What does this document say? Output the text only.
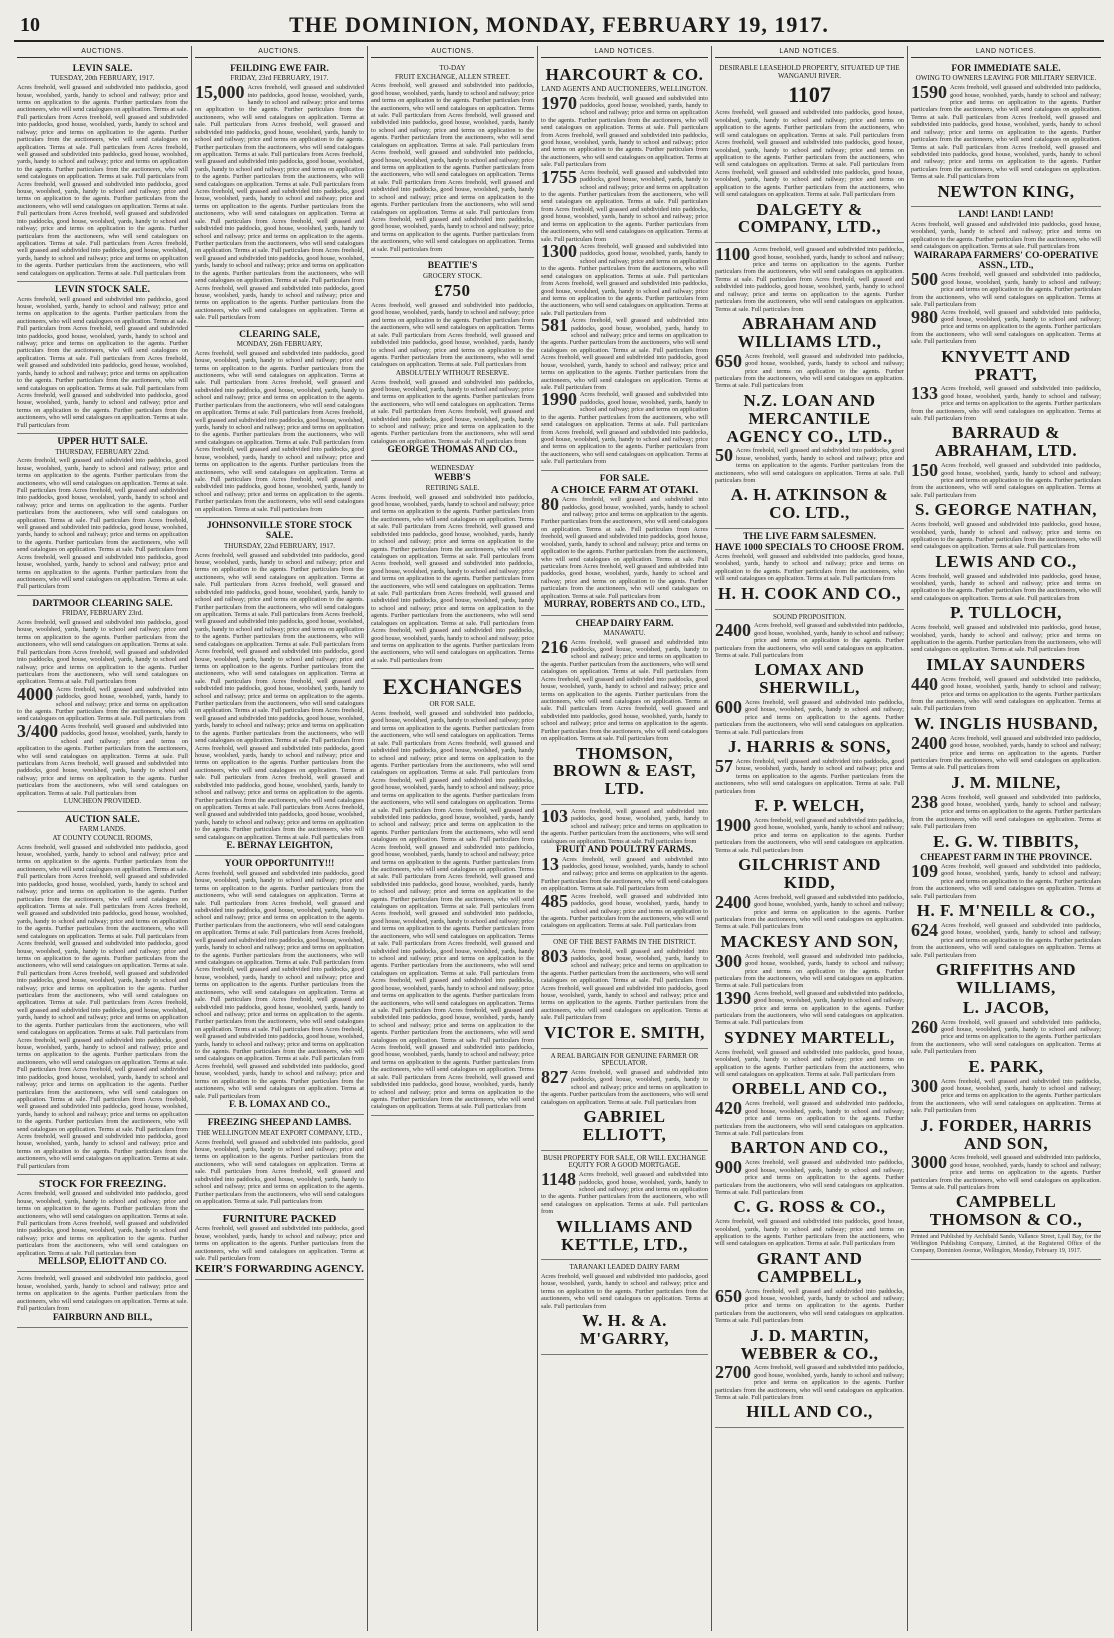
10	THE DOMINION, MONDAY, FEBRUARY 19, 1917.
AUCTIONS.
LEVIN SALE.
TUESDAY, 20th FEBRUARY, 1917.
Acres freehold, well grassed and subdivided into paddocks, good house, woolshed, yards, handy to school and railway; price and terms on application to the agents. Further particulars from the auctioneers, who will send catalogues on application. Terms at sale. Full particulars from Acres freehold, well grassed and subdivided into paddocks, good house, woolshed, yards, handy to school and railway; price and terms on application to the agents. Further particulars from the auctioneers, who will send catalogues on application. Terms at sale. Full particulars from Acres freehold, well grassed and subdivided into paddocks, good house, woolshed, yards, handy to school and railway; price and terms on application to the agents. Further particulars from the auctioneers, who will send catalogues on application. Terms at sale. Full particulars from Acres freehold, well grassed and subdivided into paddocks, good house, woolshed, yards, handy to school and railway; price and terms on application to the agents. Further particulars from the auctioneers, who will send catalogues on application. Terms at sale. Full particulars from Acres freehold, well grassed and subdivided into paddocks, good house, woolshed, yards, handy to school and railway; price and terms on application to the agents. Further particulars from the auctioneers, who will send catalogues on application. Terms at sale. Full particulars from Acres freehold, well grassed and subdivided into paddocks, good house, woolshed, yards, handy to school and railway; price and terms on application to the agents. Further particulars from the auctioneers, who will send catalogues on application. Terms at sale. Full particulars from
LEVIN STOCK SALE.
Acres freehold, well grassed and subdivided into paddocks, good house, woolshed, yards, handy to school and railway; price and terms on application to the agents. Further particulars from the auctioneers, who will send catalogues on application. Terms at sale. Full particulars from Acres freehold, well grassed and subdivided into paddocks, good house, woolshed, yards, handy to school and railway; price and terms on application to the agents. Further particulars from the auctioneers, who will send catalogues on application. Terms at sale. Full particulars from Acres freehold, well grassed and subdivided into paddocks, good house, woolshed, yards, handy to school and railway; price and terms on application to the agents. Further particulars from the auctioneers, who will send catalogues on application. Terms at sale. Full particulars from Acres freehold, well grassed and subdivided into paddocks, good house, woolshed, yards, handy to school and railway; price and terms on application to the agents. Further particulars from the auctioneers, who will send catalogues on application. Terms at sale. Full particulars from
UPPER HUTT SALE.
THURSDAY, FEBRUARY 22nd.
Acres freehold, well grassed and subdivided into paddocks, good house, woolshed, yards, handy to school and railway; price and terms on application to the agents. Further particulars from the auctioneers, who will send catalogues on application. Terms at sale. Full particulars from Acres freehold, well grassed and subdivided into paddocks, good house, woolshed, yards, handy to school and railway; price and terms on application to the agents. Further particulars from the auctioneers, who will send catalogues on application. Terms at sale. Full particulars from Acres freehold, well grassed and subdivided into paddocks, good house, woolshed, yards, handy to school and railway; price and terms on application to the agents. Further particulars from the auctioneers, who will send catalogues on application. Terms at sale. Full particulars from Acres freehold, well grassed and subdivided into paddocks, good house, woolshed, yards, handy to school and railway; price and terms on application to the agents. Further particulars from the auctioneers, who will send catalogues on application. Terms at sale. Full particulars from
DARTMOOR CLEARING SALE.
FRIDAY, FEBRUARY 23rd.
Acres freehold, well grassed and subdivided into paddocks, good house, woolshed, yards, handy to school and railway; price and terms on application to the agents. Further particulars from the auctioneers, who will send catalogues on application. Terms at sale. Full particulars from Acres freehold, well grassed and subdivided into paddocks, good house, woolshed, yards, handy to school and railway; price and terms on application to the agents. Further particulars from the auctioneers, who will send catalogues on application. Terms at sale. Full particulars from
4000 Acres freehold, well grassed and subdivided into paddocks, good house, woolshed, yards, handy to school and railway; price and terms on application to the agents. Further particulars from the auctioneers, who will send catalogues on application. Terms at sale. Full particulars from
3/400 Acres freehold, well grassed and subdivided into paddocks, good house, woolshed, yards, handy to school and railway; price and terms on application to the agents. Further particulars from the auctioneers, who will send catalogues on application. Terms at sale. Full particulars from Acres freehold, well grassed and subdivided into paddocks, good house, woolshed, yards, handy to school and railway; price and terms on application to the agents. Further particulars from the auctioneers, who will send catalogues on application. Terms at sale. Full particulars from
LUNCHEON PROVIDED.
AUCTION SALE.
FARM LANDS.
AT COUNTY COUNCIL ROOMS,
Acres freehold, well grassed and subdivided into paddocks, good house, woolshed, yards, handy to school and railway; price and terms on application to the agents. Further particulars from the auctioneers, who will send catalogues on application. Terms at sale. Full particulars from Acres freehold, well grassed and subdivided into paddocks, good house, woolshed, yards, handy to school and railway; price and terms on application to the agents. Further particulars from the auctioneers, who will send catalogues on application. Terms at sale. Full particulars from Acres freehold, well grassed and subdivided into paddocks, good house, woolshed, yards, handy to school and railway; price and terms on application to the agents. Further particulars from the auctioneers, who will send catalogues on application. Terms at sale. Full particulars from Acres freehold, well grassed and subdivided into paddocks, good house, woolshed, yards, handy to school and railway; price and terms on application to the agents. Further particulars from the auctioneers, who will send catalogues on application. Terms at sale. Full particulars from Acres freehold, well grassed and subdivided into paddocks, good house, woolshed, yards, handy to school and railway; price and terms on application to the agents. Further particulars from the auctioneers, who will send catalogues on application. Terms at sale. Full particulars from Acres freehold, well grassed and subdivided into paddocks, good house, woolshed, yards, handy to school and railway; price and terms on application to the agents. Further particulars from the auctioneers, who will send catalogues on application. Terms at sale. Full particulars from Acres freehold, well grassed and subdivided into paddocks, good house, woolshed, yards, handy to school and railway; price and terms on application to the agents. Further particulars from the auctioneers, who will send catalogues on application. Terms at sale. Full particulars from Acres freehold, well grassed and subdivided into paddocks, good house, woolshed, yards, handy to school and railway; price and terms on application to the agents. Further particulars from the auctioneers, who will send catalogues on application. Terms at sale. Full particulars from Acres freehold, well grassed and subdivided into paddocks, good house, woolshed, yards, handy to school and railway; price and terms on application to the agents. Further particulars from the auctioneers, who will send catalogues on application. Terms at sale. Full particulars from Acres freehold, well grassed and subdivided into paddocks, good house, woolshed, yards, handy to school and railway; price and terms on application to the agents. Further particulars from the auctioneers, who will send catalogues on application. Terms at sale. Full particulars from
STOCK FOR FREEZING.
Acres freehold, well grassed and subdivided into paddocks, good house, woolshed, yards, handy to school and railway; price and terms on application to the agents. Further particulars from the auctioneers, who will send catalogues on application. Terms at sale. Full particulars from Acres freehold, well grassed and subdivided into paddocks, good house, woolshed, yards, handy to school and railway; price and terms on application to the agents. Further particulars from the auctioneers, who will send catalogues on application. Terms at sale. Full particulars from
MELLSOP, ELIOTT AND CO.
Acres freehold, well grassed and subdivided into paddocks, good house, woolshed, yards, handy to school and railway; price and terms on application to the agents. Further particulars from the auctioneers, who will send catalogues on application. Terms at sale. Full particulars from
FAIRBURN AND BILL,
AUCTIONS.
FEILDING EWE FAIR.
FRIDAY, 23rd FEBRUARY, 1917.
15,000 Acres freehold, well grassed and subdivided into paddocks, good house, woolshed, yards, handy to school and railway; price and terms on application to the agents. Further particulars from the auctioneers, who will send catalogues on application. Terms at sale. Full particulars from Acres freehold, well grassed and subdivided into paddocks, good house, woolshed, yards, handy to school and railway; price and terms on application to the agents. Further particulars from the auctioneers, who will send catalogues on application. Terms at sale. Full particulars from Acres freehold, well grassed and subdivided into paddocks, good house, woolshed, yards, handy to school and railway; price and terms on application to the agents. Further particulars from the auctioneers, who will send catalogues on application. Terms at sale. Full particulars from Acres freehold, well grassed and subdivided into paddocks, good house, woolshed, yards, handy to school and railway; price and terms on application to the agents. Further particulars from the auctioneers, who will send catalogues on application. Terms at sale. Full particulars from Acres freehold, well grassed and subdivided into paddocks, good house, woolshed, yards, handy to school and railway; price and terms on application to the agents. Further particulars from the auctioneers, who will send catalogues on application. Terms at sale. Full particulars from Acres freehold, well grassed and subdivided into paddocks, good house, woolshed, yards, handy to school and railway; price and terms on application to the agents. Further particulars from the auctioneers, who will send catalogues on application. Terms at sale. Full particulars from Acres freehold, well grassed and subdivided into paddocks, good house, woolshed, yards, handy to school and railway; price and terms on application to the agents. Further particulars from the auctioneers, who will send catalogues on application. Terms at sale. Full particulars from
CLEARING SALE,
MONDAY, 26th FEBRUARY,
Acres freehold, well grassed and subdivided into paddocks, good house, woolshed, yards, handy to school and railway; price and terms on application to the agents. Further particulars from the auctioneers, who will send catalogues on application. Terms at sale. Full particulars from Acres freehold, well grassed and subdivided into paddocks, good house, woolshed, yards, handy to school and railway; price and terms on application to the agents. Further particulars from the auctioneers, who will send catalogues on application. Terms at sale. Full particulars from Acres freehold, well grassed and subdivided into paddocks, good house, woolshed, yards, handy to school and railway; price and terms on application to the agents. Further particulars from the auctioneers, who will send catalogues on application. Terms at sale. Full particulars from Acres freehold, well grassed and subdivided into paddocks, good house, woolshed, yards, handy to school and railway; price and terms on application to the agents. Further particulars from the auctioneers, who will send catalogues on application. Terms at sale. Full particulars from Acres freehold, well grassed and subdivided into paddocks, good house, woolshed, yards, handy to school and railway; price and terms on application to the agents. Further particulars from the auctioneers, who will send catalogues on application. Terms at sale. Full particulars from
JOHNSONVILLE STORE STOCK SALE.
THURSDAY, 22nd FEBRUARY, 1917.
Acres freehold, well grassed and subdivided into paddocks, good house, woolshed, yards, handy to school and railway; price and terms on application to the agents. Further particulars from the auctioneers, who will send catalogues on application. Terms at sale. Full particulars from Acres freehold, well grassed and subdivided into paddocks, good house, woolshed, yards, handy to school and railway; price and terms on application to the agents. Further particulars from the auctioneers, who will send catalogues on application. Terms at sale. Full particulars from Acres freehold, well grassed and subdivided into paddocks, good house, woolshed, yards, handy to school and railway; price and terms on application to the agents. Further particulars from the auctioneers, who will send catalogues on application. Terms at sale. Full particulars from Acres freehold, well grassed and subdivided into paddocks, good house, woolshed, yards, handy to school and railway; price and terms on application to the agents. Further particulars from the auctioneers, who will send catalogues on application. Terms at sale. Full particulars from Acres freehold, well grassed and subdivided into paddocks, good house, woolshed, yards, handy to school and railway; price and terms on application to the agents. Further particulars from the auctioneers, who will send catalogues on application. Terms at sale. Full particulars from Acres freehold, well grassed and subdivided into paddocks, good house, woolshed, yards, handy to school and railway; price and terms on application to the agents. Further particulars from the auctioneers, who will send catalogues on application. Terms at sale. Full particulars from Acres freehold, well grassed and subdivided into paddocks, good house, woolshed, yards, handy to school and railway; price and terms on application to the agents. Further particulars from the auctioneers, who will send catalogues on application. Terms at sale. Full particulars from Acres freehold, well grassed and subdivided into paddocks, good house, woolshed, yards, handy to school and railway; price and terms on application to the agents. Further particulars from the auctioneers, who will send catalogues on application. Terms at sale. Full particulars from Acres freehold, well grassed and subdivided into paddocks, good house, woolshed, yards, handy to school and railway; price and terms on application to the agents. Further particulars from the auctioneers, who will send catalogues on application. Terms at sale. Full particulars from
E. BERNAY LEIGHTON,
YOUR OPPORTUNITY!!!
Acres freehold, well grassed and subdivided into paddocks, good house, woolshed, yards, handy to school and railway; price and terms on application to the agents. Further particulars from the auctioneers, who will send catalogues on application. Terms at sale. Full particulars from Acres freehold, well grassed and subdivided into paddocks, good house, woolshed, yards, handy to school and railway; price and terms on application to the agents. Further particulars from the auctioneers, who will send catalogues on application. Terms at sale. Full particulars from Acres freehold, well grassed and subdivided into paddocks, good house, woolshed, yards, handy to school and railway; price and terms on application to the agents. Further particulars from the auctioneers, who will send catalogues on application. Terms at sale. Full particulars from Acres freehold, well grassed and subdivided into paddocks, good house, woolshed, yards, handy to school and railway; price and terms on application to the agents. Further particulars from the auctioneers, who will send catalogues on application. Terms at sale. Full particulars from Acres freehold, well grassed and subdivided into paddocks, good house, woolshed, yards, handy to school and railway; price and terms on application to the agents. Further particulars from the auctioneers, who will send catalogues on application. Terms at sale. Full particulars from Acres freehold, well grassed and subdivided into paddocks, good house, woolshed, yards, handy to school and railway; price and terms on application to the agents. Further particulars from the auctioneers, who will send catalogues on application. Terms at sale. Full particulars from Acres freehold, well grassed and subdivided into paddocks, good house, woolshed, yards, handy to school and railway; price and terms on application to the agents. Further particulars from the auctioneers, who will send catalogues on application. Terms at sale. Full particulars from
F. B. LOMAX AND CO.,
FREEZING SHEEP AND LAMBS.
THE WELLINGTON MEAT EXPORT COMPANY, LTD.,
Acres freehold, well grassed and subdivided into paddocks, good house, woolshed, yards, handy to school and railway; price and terms on application to the agents. Further particulars from the auctioneers, who will send catalogues on application. Terms at sale. Full particulars from Acres freehold, well grassed and subdivided into paddocks, good house, woolshed, yards, handy to school and railway; price and terms on application to the agents. Further particulars from the auctioneers, who will send catalogues on application. Terms at sale. Full particulars from
FURNITURE PACKED
Acres freehold, well grassed and subdivided into paddocks, good house, woolshed, yards, handy to school and railway; price and terms on application to the agents. Further particulars from the auctioneers, who will send catalogues on application. Terms at sale. Full particulars from
KEIR'S FORWARDING AGENCY.
AUCTIONS.
TO-DAY
FRUIT EXCHANGE, ALLEN STREET.
Acres freehold, well grassed and subdivided into paddocks, good house, woolshed, yards, handy to school and railway; price and terms on application to the agents. Further particulars from the auctioneers, who will send catalogues on application. Terms at sale. Full particulars from Acres freehold, well grassed and subdivided into paddocks, good house, woolshed, yards, handy to school and railway; price and terms on application to the agents. Further particulars from the auctioneers, who will send catalogues on application. Terms at sale. Full particulars from Acres freehold, well grassed and subdivided into paddocks, good house, woolshed, yards, handy to school and railway; price and terms on application to the agents. Further particulars from the auctioneers, who will send catalogues on application. Terms at sale. Full particulars from Acres freehold, well grassed and subdivided into paddocks, good house, woolshed, yards, handy to school and railway; price and terms on application to the agents. Further particulars from the auctioneers, who will send catalogues on application. Terms at sale. Full particulars from Acres freehold, well grassed and subdivided into paddocks, good house, woolshed, yards, handy to school and railway; price and terms on application to the agents. Further particulars from the auctioneers, who will send catalogues on application. Terms at sale. Full particulars from
BEATTIE'S
GROCERY STOCK.
£750
Acres freehold, well grassed and subdivided into paddocks, good house, woolshed, yards, handy to school and railway; price and terms on application to the agents. Further particulars from the auctioneers, who will send catalogues on application. Terms at sale. Full particulars from Acres freehold, well grassed and subdivided into paddocks, good house, woolshed, yards, handy to school and railway; price and terms on application to the agents. Further particulars from the auctioneers, who will send catalogues on application. Terms at sale. Full particulars from
ABSOLUTELY WITHOUT RESERVE.
Acres freehold, well grassed and subdivided into paddocks, good house, woolshed, yards, handy to school and railway; price and terms on application to the agents. Further particulars from the auctioneers, who will send catalogues on application. Terms at sale. Full particulars from Acres freehold, well grassed and subdivided into paddocks, good house, woolshed, yards, handy to school and railway; price and terms on application to the agents. Further particulars from the auctioneers, who will send catalogues on application. Terms at sale. Full particulars from
GEORGE THOMAS AND CO.,
WEDNESDAY
WEBB'S
RETIRING SALE.
Acres freehold, well grassed and subdivided into paddocks, good house, woolshed, yards, handy to school and railway; price and terms on application to the agents. Further particulars from the auctioneers, who will send catalogues on application. Terms at sale. Full particulars from Acres freehold, well grassed and subdivided into paddocks, good house, woolshed, yards, handy to school and railway; price and terms on application to the agents. Further particulars from the auctioneers, who will send catalogues on application. Terms at sale. Full particulars from Acres freehold, well grassed and subdivided into paddocks, good house, woolshed, yards, handy to school and railway; price and terms on application to the agents. Further particulars from the auctioneers, who will send catalogues on application. Terms at sale. Full particulars from Acres freehold, well grassed and subdivided into paddocks, good house, woolshed, yards, handy to school and railway; price and terms on application to the agents. Further particulars from the auctioneers, who will send catalogues on application. Terms at sale. Full particulars from Acres freehold, well grassed and subdivided into paddocks, good house, woolshed, yards, handy to school and railway; price and terms on application to the agents. Further particulars from the auctioneers, who will send catalogues on application. Terms at sale. Full particulars from
EXCHANGES
OR FOR SALE.
Acres freehold, well grassed and subdivided into paddocks, good house, woolshed, yards, handy to school and railway; price and terms on application to the agents. Further particulars from the auctioneers, who will send catalogues on application. Terms at sale. Full particulars from Acres freehold, well grassed and subdivided into paddocks, good house, woolshed, yards, handy to school and railway; price and terms on application to the agents. Further particulars from the auctioneers, who will send catalogues on application. Terms at sale. Full particulars from Acres freehold, well grassed and subdivided into paddocks, good house, woolshed, yards, handy to school and railway; price and terms on application to the agents. Further particulars from the auctioneers, who will send catalogues on application. Terms at sale. Full particulars from Acres freehold, well grassed and subdivided into paddocks, good house, woolshed, yards, handy to school and railway; price and terms on application to the agents. Further particulars from the auctioneers, who will send catalogues on application. Terms at sale. Full particulars from Acres freehold, well grassed and subdivided into paddocks, good house, woolshed, yards, handy to school and railway; price and terms on application to the agents. Further particulars from the auctioneers, who will send catalogues on application. Terms at sale. Full particulars from Acres freehold, well grassed and subdivided into paddocks, good house, woolshed, yards, handy to school and railway; price and terms on application to the agents. Further particulars from the auctioneers, who will send catalogues on application. Terms at sale. Full particulars from Acres freehold, well grassed and subdivided into paddocks, good house, woolshed, yards, handy to school and railway; price and terms on application to the agents. Further particulars from the auctioneers, who will send catalogues on application. Terms at sale. Full particulars from Acres freehold, well grassed and subdivided into paddocks, good house, woolshed, yards, handy to school and railway; price and terms on application to the agents. Further particulars from the auctioneers, who will send catalogues on application. Terms at sale. Full particulars from Acres freehold, well grassed and subdivided into paddocks, good house, woolshed, yards, handy to school and railway; price and terms on application to the agents. Further particulars from the auctioneers, who will send catalogues on application. Terms at sale. Full particulars from Acres freehold, well grassed and subdivided into paddocks, good house, woolshed, yards, handy to school and railway; price and terms on application to the agents. Further particulars from the auctioneers, who will send catalogues on application. Terms at sale. Full particulars from Acres freehold, well grassed and subdivided into paddocks, good house, woolshed, yards, handy to school and railway; price and terms on application to the agents. Further particulars from the auctioneers, who will send catalogues on application. Terms at sale. Full particulars from Acres freehold, well grassed and subdivided into paddocks, good house, woolshed, yards, handy to school and railway; price and terms on application to the agents. Further particulars from the auctioneers, who will send catalogues on application. Terms at sale. Full particulars from
LAND NOTICES.
HARCOURT & CO.
LAND AGENTS AND AUCTIONEERS, WELLINGTON.
1970 Acres freehold, well grassed and subdivided into paddocks, good house, woolshed, yards, handy to school and railway; price and terms on application to the agents. Further particulars from the auctioneers, who will send catalogues on application. Terms at sale. Full particulars from Acres freehold, well grassed and subdivided into paddocks, good house, woolshed, yards, handy to school and railway; price and terms on application to the agents. Further particulars from the auctioneers, who will send catalogues on application. Terms at sale. Full particulars from
1755 Acres freehold, well grassed and subdivided into paddocks, good house, woolshed, yards, handy to school and railway; price and terms on application to the agents. Further particulars from the auctioneers, who will send catalogues on application. Terms at sale. Full particulars from Acres freehold, well grassed and subdivided into paddocks, good house, woolshed, yards, handy to school and railway; price and terms on application to the agents. Further particulars from the auctioneers, who will send catalogues on application. Terms at sale. Full particulars from
1300 Acres freehold, well grassed and subdivided into paddocks, good house, woolshed, yards, handy to school and railway; price and terms on application to the agents. Further particulars from the auctioneers, who will send catalogues on application. Terms at sale. Full particulars from Acres freehold, well grassed and subdivided into paddocks, good house, woolshed, yards, handy to school and railway; price and terms on application to the agents. Further particulars from the auctioneers, who will send catalogues on application. Terms at sale. Full particulars from
581 Acres freehold, well grassed and subdivided into paddocks, good house, woolshed, yards, handy to school and railway; price and terms on application to the agents. Further particulars from the auctioneers, who will send catalogues on application. Terms at sale. Full particulars from Acres freehold, well grassed and subdivided into paddocks, good house, woolshed, yards, handy to school and railway; price and terms on application to the agents. Further particulars from the auctioneers, who will send catalogues on application. Terms at sale. Full particulars from
1990 Acres freehold, well grassed and subdivided into paddocks, good house, woolshed, yards, handy to school and railway; price and terms on application to the agents. Further particulars from the auctioneers, who will send catalogues on application. Terms at sale. Full particulars from Acres freehold, well grassed and subdivided into paddocks, good house, woolshed, yards, handy to school and railway; price and terms on application to the agents. Further particulars from the auctioneers, who will send catalogues on application. Terms at sale. Full particulars from
FOR SALE.
A CHOICE FARM AT OTAKI.
80 Acres freehold, well grassed and subdivided into paddocks, good house, woolshed, yards, handy to school and railway; price and terms on application to the agents. Further particulars from the auctioneers, who will send catalogues on application. Terms at sale. Full particulars from Acres freehold, well grassed and subdivided into paddocks, good house, woolshed, yards, handy to school and railway; price and terms on application to the agents. Further particulars from the auctioneers, who will send catalogues on application. Terms at sale. Full particulars from Acres freehold, well grassed and subdivided into paddocks, good house, woolshed, yards, handy to school and railway; price and terms on application to the agents. Further particulars from the auctioneers, who will send catalogues on application. Terms at sale. Full particulars from
MURRAY, ROBERTS AND CO., LTD.,
CHEAP DAIRY FARM.
MANAWATU.
216 Acres freehold, well grassed and subdivided into paddocks, good house, woolshed, yards, handy to school and railway; price and terms on application to the agents. Further particulars from the auctioneers, who will send catalogues on application. Terms at sale. Full particulars from Acres freehold, well grassed and subdivided into paddocks, good house, woolshed, yards, handy to school and railway; price and terms on application to the agents. Further particulars from the auctioneers, who will send catalogues on application. Terms at sale. Full particulars from Acres freehold, well grassed and subdivided into paddocks, good house, woolshed, yards, handy to school and railway; price and terms on application to the agents. Further particulars from the auctioneers, who will send catalogues on application. Terms at sale. Full particulars from
THOMSON, BROWN & EAST, LTD.
103 Acres freehold, well grassed and subdivided into paddocks, good house, woolshed, yards, handy to school and railway; price and terms on application to the agents. Further particulars from the auctioneers, who will send catalogues on application. Terms at sale. Full particulars from
FRUIT AND POULTRY FARMS.
13 Acres freehold, well grassed and subdivided into paddocks, good house, woolshed, yards, handy to school and railway; price and terms on application to the agents. Further particulars from the auctioneers, who will send catalogues on application. Terms at sale. Full particulars from
485 Acres freehold, well grassed and subdivided into paddocks, good house, woolshed, yards, handy to school and railway; price and terms on application to the agents. Further particulars from the auctioneers, who will send catalogues on application. Terms at sale. Full particulars from
ONE OF THE BEST FARMS IN THE DISTRICT.
803 Acres freehold, well grassed and subdivided into paddocks, good house, woolshed, yards, handy to school and railway; price and terms on application to the agents. Further particulars from the auctioneers, who will send catalogues on application. Terms at sale. Full particulars from Acres freehold, well grassed and subdivided into paddocks, good house, woolshed, yards, handy to school and railway; price and terms on application to the agents. Further particulars from the auctioneers, who will send catalogues on application. Terms at sale. Full particulars from
VICTOR E. SMITH,
A REAL BARGAIN FOR GENUINE FARMER OR SPECULATOR.
827 Acres freehold, well grassed and subdivided into paddocks, good house, woolshed, yards, handy to school and railway; price and terms on application to the agents. Further particulars from the auctioneers, who will send catalogues on application. Terms at sale. Full particulars from
GABRIEL ELLIOTT,
BUSH PROPERTY FOR SALE, OR WILL EXCHANGE EQUITY FOR A GOOD MORTGAGE.
1148 Acres freehold, well grassed and subdivided into paddocks, good house, woolshed, yards, handy to school and railway; price and terms on application to the agents. Further particulars from the auctioneers, who will send catalogues on application. Terms at sale. Full particulars from
WILLIAMS AND KETTLE, LTD.,
TARANAKI LEADED DAIRY FARM
Acres freehold, well grassed and subdivided into paddocks, good house, woolshed, yards, handy to school and railway; price and terms on application to the agents. Further particulars from the auctioneers, who will send catalogues on application. Terms at sale. Full particulars from
W. H. & A. M'GARRY,
LAND NOTICES.
DESIRABLE LEASEHOLD PROPERTY, SITUATED UP THE WANGANUI RIVER.
1107
Acres freehold, well grassed and subdivided into paddocks, good house, woolshed, yards, handy to school and railway; price and terms on application to the agents. Further particulars from the auctioneers, who will send catalogues on application. Terms at sale. Full particulars from Acres freehold, well grassed and subdivided into paddocks, good house, woolshed, yards, handy to school and railway; price and terms on application to the agents. Further particulars from the auctioneers, who will send catalogues on application. Terms at sale. Full particulars from Acres freehold, well grassed and subdivided into paddocks, good house, woolshed, yards, handy to school and railway; price and terms on application to the agents. Further particulars from the auctioneers, who will send catalogues on application. Terms at sale. Full particulars from
DALGETY & COMPANY, LTD.,
1100 Acres freehold, well grassed and subdivided into paddocks, good house, woolshed, yards, handy to school and railway; price and terms on application to the agents. Further particulars from the auctioneers, who will send catalogues on application. Terms at sale. Full particulars from Acres freehold, well grassed and subdivided into paddocks, good house, woolshed, yards, handy to school and railway; price and terms on application to the agents. Further particulars from the auctioneers, who will send catalogues on application. Terms at sale. Full particulars from
ABRAHAM AND WILLIAMS LTD.,
650 Acres freehold, well grassed and subdivided into paddocks, good house, woolshed, yards, handy to school and railway; price and terms on application to the agents. Further particulars from the auctioneers, who will send catalogues on application. Terms at sale. Full particulars from
N.Z. LOAN AND MERCANTILE AGENCY CO., LTD.,
50 Acres freehold, well grassed and subdivided into paddocks, good house, woolshed, yards, handy to school and railway; price and terms on application to the agents. Further particulars from the auctioneers, who will send catalogues on application. Terms at sale. Full particulars from
A. H. ATKINSON & CO. LTD.,
THE LIVE FARM SALESMEN.
HAVE 1000 SPECIALS TO CHOOSE FROM.
Acres freehold, well grassed and subdivided into paddocks, good house, woolshed, yards, handy to school and railway; price and terms on application to the agents. Further particulars from the auctioneers, who will send catalogues on application. Terms at sale. Full particulars from
H. H. COOK AND CO.,
SOUND PROPOSITION.
2400 Acres freehold, well grassed and subdivided into paddocks, good house, woolshed, yards, handy to school and railway; price and terms on application to the agents. Further particulars from the auctioneers, who will send catalogues on application. Terms at sale. Full particulars from
LOMAX AND SHERWILL,
600 Acres freehold, well grassed and subdivided into paddocks, good house, woolshed, yards, handy to school and railway; price and terms on application to the agents. Further particulars from the auctioneers, who will send catalogues on application. Terms at sale. Full particulars from
J. HARRIS & SONS,
57 Acres freehold, well grassed and subdivided into paddocks, good house, woolshed, yards, handy to school and railway; price and terms on application to the agents. Further particulars from the auctioneers, who will send catalogues on application. Terms at sale. Full particulars from
F. P. WELCH,
1900 Acres freehold, well grassed and subdivided into paddocks, good house, woolshed, yards, handy to school and railway; price and terms on application to the agents. Further particulars from the auctioneers, who will send catalogues on application. Terms at sale. Full particulars from
GILCHRIST AND KIDD,
2400 Acres freehold, well grassed and subdivided into paddocks, good house, woolshed, yards, handy to school and railway; price and terms on application to the agents. Further particulars from the auctioneers, who will send catalogues on application. Terms at sale. Full particulars from
MACKESY AND SON,
300 Acres freehold, well grassed and subdivided into paddocks, good house, woolshed, yards, handy to school and railway; price and terms on application to the agents. Further particulars from the auctioneers, who will send catalogues on application. Terms at sale. Full particulars from
1390 Acres freehold, well grassed and subdivided into paddocks, good house, woolshed, yards, handy to school and railway; price and terms on application to the agents. Further particulars from the auctioneers, who will send catalogues on application. Terms at sale. Full particulars from
SYDNEY MARTELL,
Acres freehold, well grassed and subdivided into paddocks, good house, woolshed, yards, handy to school and railway; price and terms on application to the agents. Further particulars from the auctioneers, who will send catalogues on application. Terms at sale. Full particulars from
ORBELL AND CO.,
420 Acres freehold, well grassed and subdivided into paddocks, good house, woolshed, yards, handy to school and railway; price and terms on application to the agents. Further particulars from the auctioneers, who will send catalogues on application. Terms at sale. Full particulars from
BARTON AND CO.,
900 Acres freehold, well grassed and subdivided into paddocks, good house, woolshed, yards, handy to school and railway; price and terms on application to the agents. Further particulars from the auctioneers, who will send catalogues on application. Terms at sale. Full particulars from
C. G. ROSS & CO.,
Acres freehold, well grassed and subdivided into paddocks, good house, woolshed, yards, handy to school and railway; price and terms on application to the agents. Further particulars from the auctioneers, who will send catalogues on application. Terms at sale. Full particulars from
GRANT AND CAMPBELL,
650 Acres freehold, well grassed and subdivided into paddocks, good house, woolshed, yards, handy to school and railway; price and terms on application to the agents. Further particulars from the auctioneers, who will send catalogues on application. Terms at sale. Full particulars from
J. D. MARTIN, WEBBER & CO.,
2700 Acres freehold, well grassed and subdivided into paddocks, good house, woolshed, yards, handy to school and railway; price and terms on application to the agents. Further particulars from the auctioneers, who will send catalogues on application. Terms at sale. Full particulars from
HILL AND CO.,
LAND NOTICES.
FOR IMMEDIATE SALE.
OWING TO OWNERS LEAVING FOR MILITARY SERVICE.
1590 Acres freehold, well grassed and subdivided into paddocks, good house, woolshed, yards, handy to school and railway; price and terms on application to the agents. Further particulars from the auctioneers, who will send catalogues on application. Terms at sale. Full particulars from Acres freehold, well grassed and subdivided into paddocks, good house, woolshed, yards, handy to school and railway; price and terms on application to the agents. Further particulars from the auctioneers, who will send catalogues on application. Terms at sale. Full particulars from Acres freehold, well grassed and subdivided into paddocks, good house, woolshed, yards, handy to school and railway; price and terms on application to the agents. Further particulars from the auctioneers, who will send catalogues on application. Terms at sale. Full particulars from
NEWTON KING,
LAND! LAND! LAND!
Acres freehold, well grassed and subdivided into paddocks, good house, woolshed, yards, handy to school and railway; price and terms on application to the agents. Further particulars from the auctioneers, who will send catalogues on application. Terms at sale. Full particulars from
WAIRARAPA FARMERS' CO-OPERATIVE ASSN., LTD.,
500 Acres freehold, well grassed and subdivided into paddocks, good house, woolshed, yards, handy to school and railway; price and terms on application to the agents. Further particulars from the auctioneers, who will send catalogues on application. Terms at sale. Full particulars from
980 Acres freehold, well grassed and subdivided into paddocks, good house, woolshed, yards, handy to school and railway; price and terms on application to the agents. Further particulars from the auctioneers, who will send catalogues on application. Terms at sale. Full particulars from
KNYVETT AND PRATT,
133 Acres freehold, well grassed and subdivided into paddocks, good house, woolshed, yards, handy to school and railway; price and terms on application to the agents. Further particulars from the auctioneers, who will send catalogues on application. Terms at sale. Full particulars from
BARRAUD & ABRAHAM, LTD.
150 Acres freehold, well grassed and subdivided into paddocks, good house, woolshed, yards, handy to school and railway; price and terms on application to the agents. Further particulars from the auctioneers, who will send catalogues on application. Terms at sale. Full particulars from
S. GEORGE NATHAN,
Acres freehold, well grassed and subdivided into paddocks, good house, woolshed, yards, handy to school and railway; price and terms on application to the agents. Further particulars from the auctioneers, who will send catalogues on application. Terms at sale. Full particulars from
LEWIS AND CO.,
Acres freehold, well grassed and subdivided into paddocks, good house, woolshed, yards, handy to school and railway; price and terms on application to the agents. Further particulars from the auctioneers, who will send catalogues on application. Terms at sale. Full particulars from
P. TULLOCH,
Acres freehold, well grassed and subdivided into paddocks, good house, woolshed, yards, handy to school and railway; price and terms on application to the agents. Further particulars from the auctioneers, who will send catalogues on application. Terms at sale. Full particulars from
IMLAY SAUNDERS
440 Acres freehold, well grassed and subdivided into paddocks, good house, woolshed, yards, handy to school and railway; price and terms on application to the agents. Further particulars from the auctioneers, who will send catalogues on application. Terms at sale. Full particulars from
W. INGLIS HUSBAND,
2400 Acres freehold, well grassed and subdivided into paddocks, good house, woolshed, yards, handy to school and railway; price and terms on application to the agents. Further particulars from the auctioneers, who will send catalogues on application. Terms at sale. Full particulars from
J. M. MILNE,
238 Acres freehold, well grassed and subdivided into paddocks, good house, woolshed, yards, handy to school and railway; price and terms on application to the agents. Further particulars from the auctioneers, who will send catalogues on application. Terms at sale. Full particulars from
E. G. W. TIBBITS,
CHEAPEST FARM IN THE PROVINCE.
109 Acres freehold, well grassed and subdivided into paddocks, good house, woolshed, yards, handy to school and railway; price and terms on application to the agents. Further particulars from the auctioneers, who will send catalogues on application. Terms at sale. Full particulars from
H. F. M'NEILL & CO.,
624 Acres freehold, well grassed and subdivided into paddocks, good house, woolshed, yards, handy to school and railway; price and terms on application to the agents. Further particulars from the auctioneers, who will send catalogues on application. Terms at sale. Full particulars from
GRIFFITHS AND WILLIAMS,
L. JACOB,
260 Acres freehold, well grassed and subdivided into paddocks, good house, woolshed, yards, handy to school and railway; price and terms on application to the agents. Further particulars from the auctioneers, who will send catalogues on application. Terms at sale. Full particulars from
E. PARK,
300 Acres freehold, well grassed and subdivided into paddocks, good house, woolshed, yards, handy to school and railway; price and terms on application to the agents. Further particulars from the auctioneers, who will send catalogues on application. Terms at sale. Full particulars from
J. FORDER, HARRIS AND SON,
3000 Acres freehold, well grassed and subdivided into paddocks, good house, woolshed, yards, handy to school and railway; price and terms on application to the agents. Further particulars from the auctioneers, who will send catalogues on application. Terms at sale. Full particulars from
CAMPBELL THOMSON & CO.,
Printed and Published by Archibald Sando, Vallance Street, Lyall Bay, for the Wellington Publishing Company, Limited, at the Registered Office of the Company, Dominion Avenue, Wellington, Monday, February 19, 1917.
